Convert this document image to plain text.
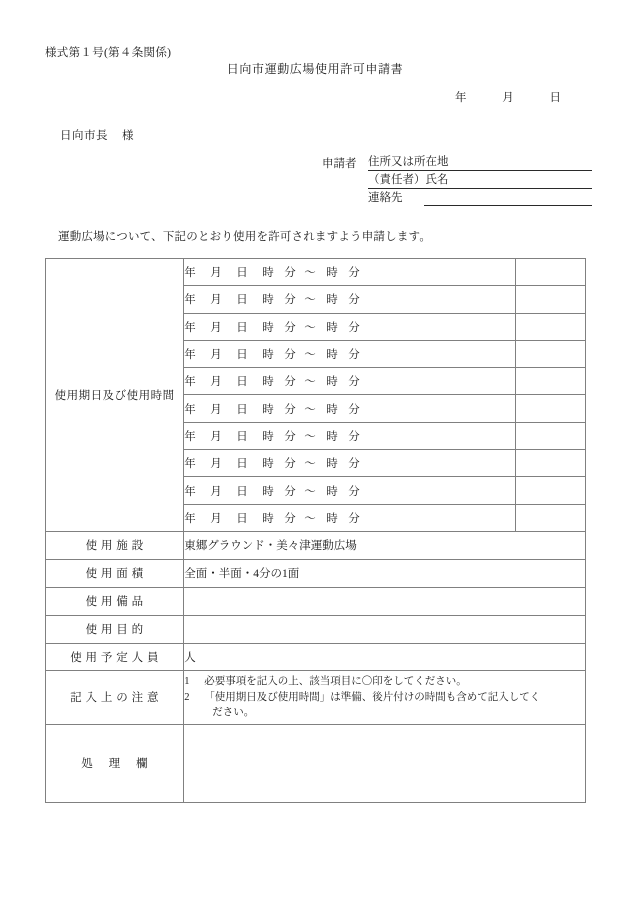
様式第１号(第４条関係)
日向市運動広場使用許可申請書
年	月	日
日向市長 様
申請者 住所又は所在地
（責任者）氏名
連絡先
運動広場について、下記のとおり使用を許可されますよう申請します。
使用期日及び使用時間	年 月 日 時 分 〜 時 分	
	年 月 日 時 分 〜 時 分	
	年 月 日 時 分 〜 時 分	
	年 月 日 時 分 〜 時 分	
	年 月 日 時 分 〜 時 分	
	年 月 日 時 分 〜 時 分	
	年 月 日 時 分 〜 時 分	
	年 月 日 時 分 〜 時 分	
	年 月 日 時 分 〜 時 分	
	年 月 日 時 分 〜 時 分	
使 用 施 設	東郷グラウンド・美々津運動広場	
使 用 面 積	全面・半面・4分の1面	
使 用 備 品		
使 用 目 的		
使 用 予 定 人 員	人	
記 入 上 の 注 意	1 必要事項を記入の上、該当項目に〇印をしてください。
2 「使用期日及び使用時間」は準備、後片付けの時間も含めて記入してく
ださい。	

処 　理 　欄		
